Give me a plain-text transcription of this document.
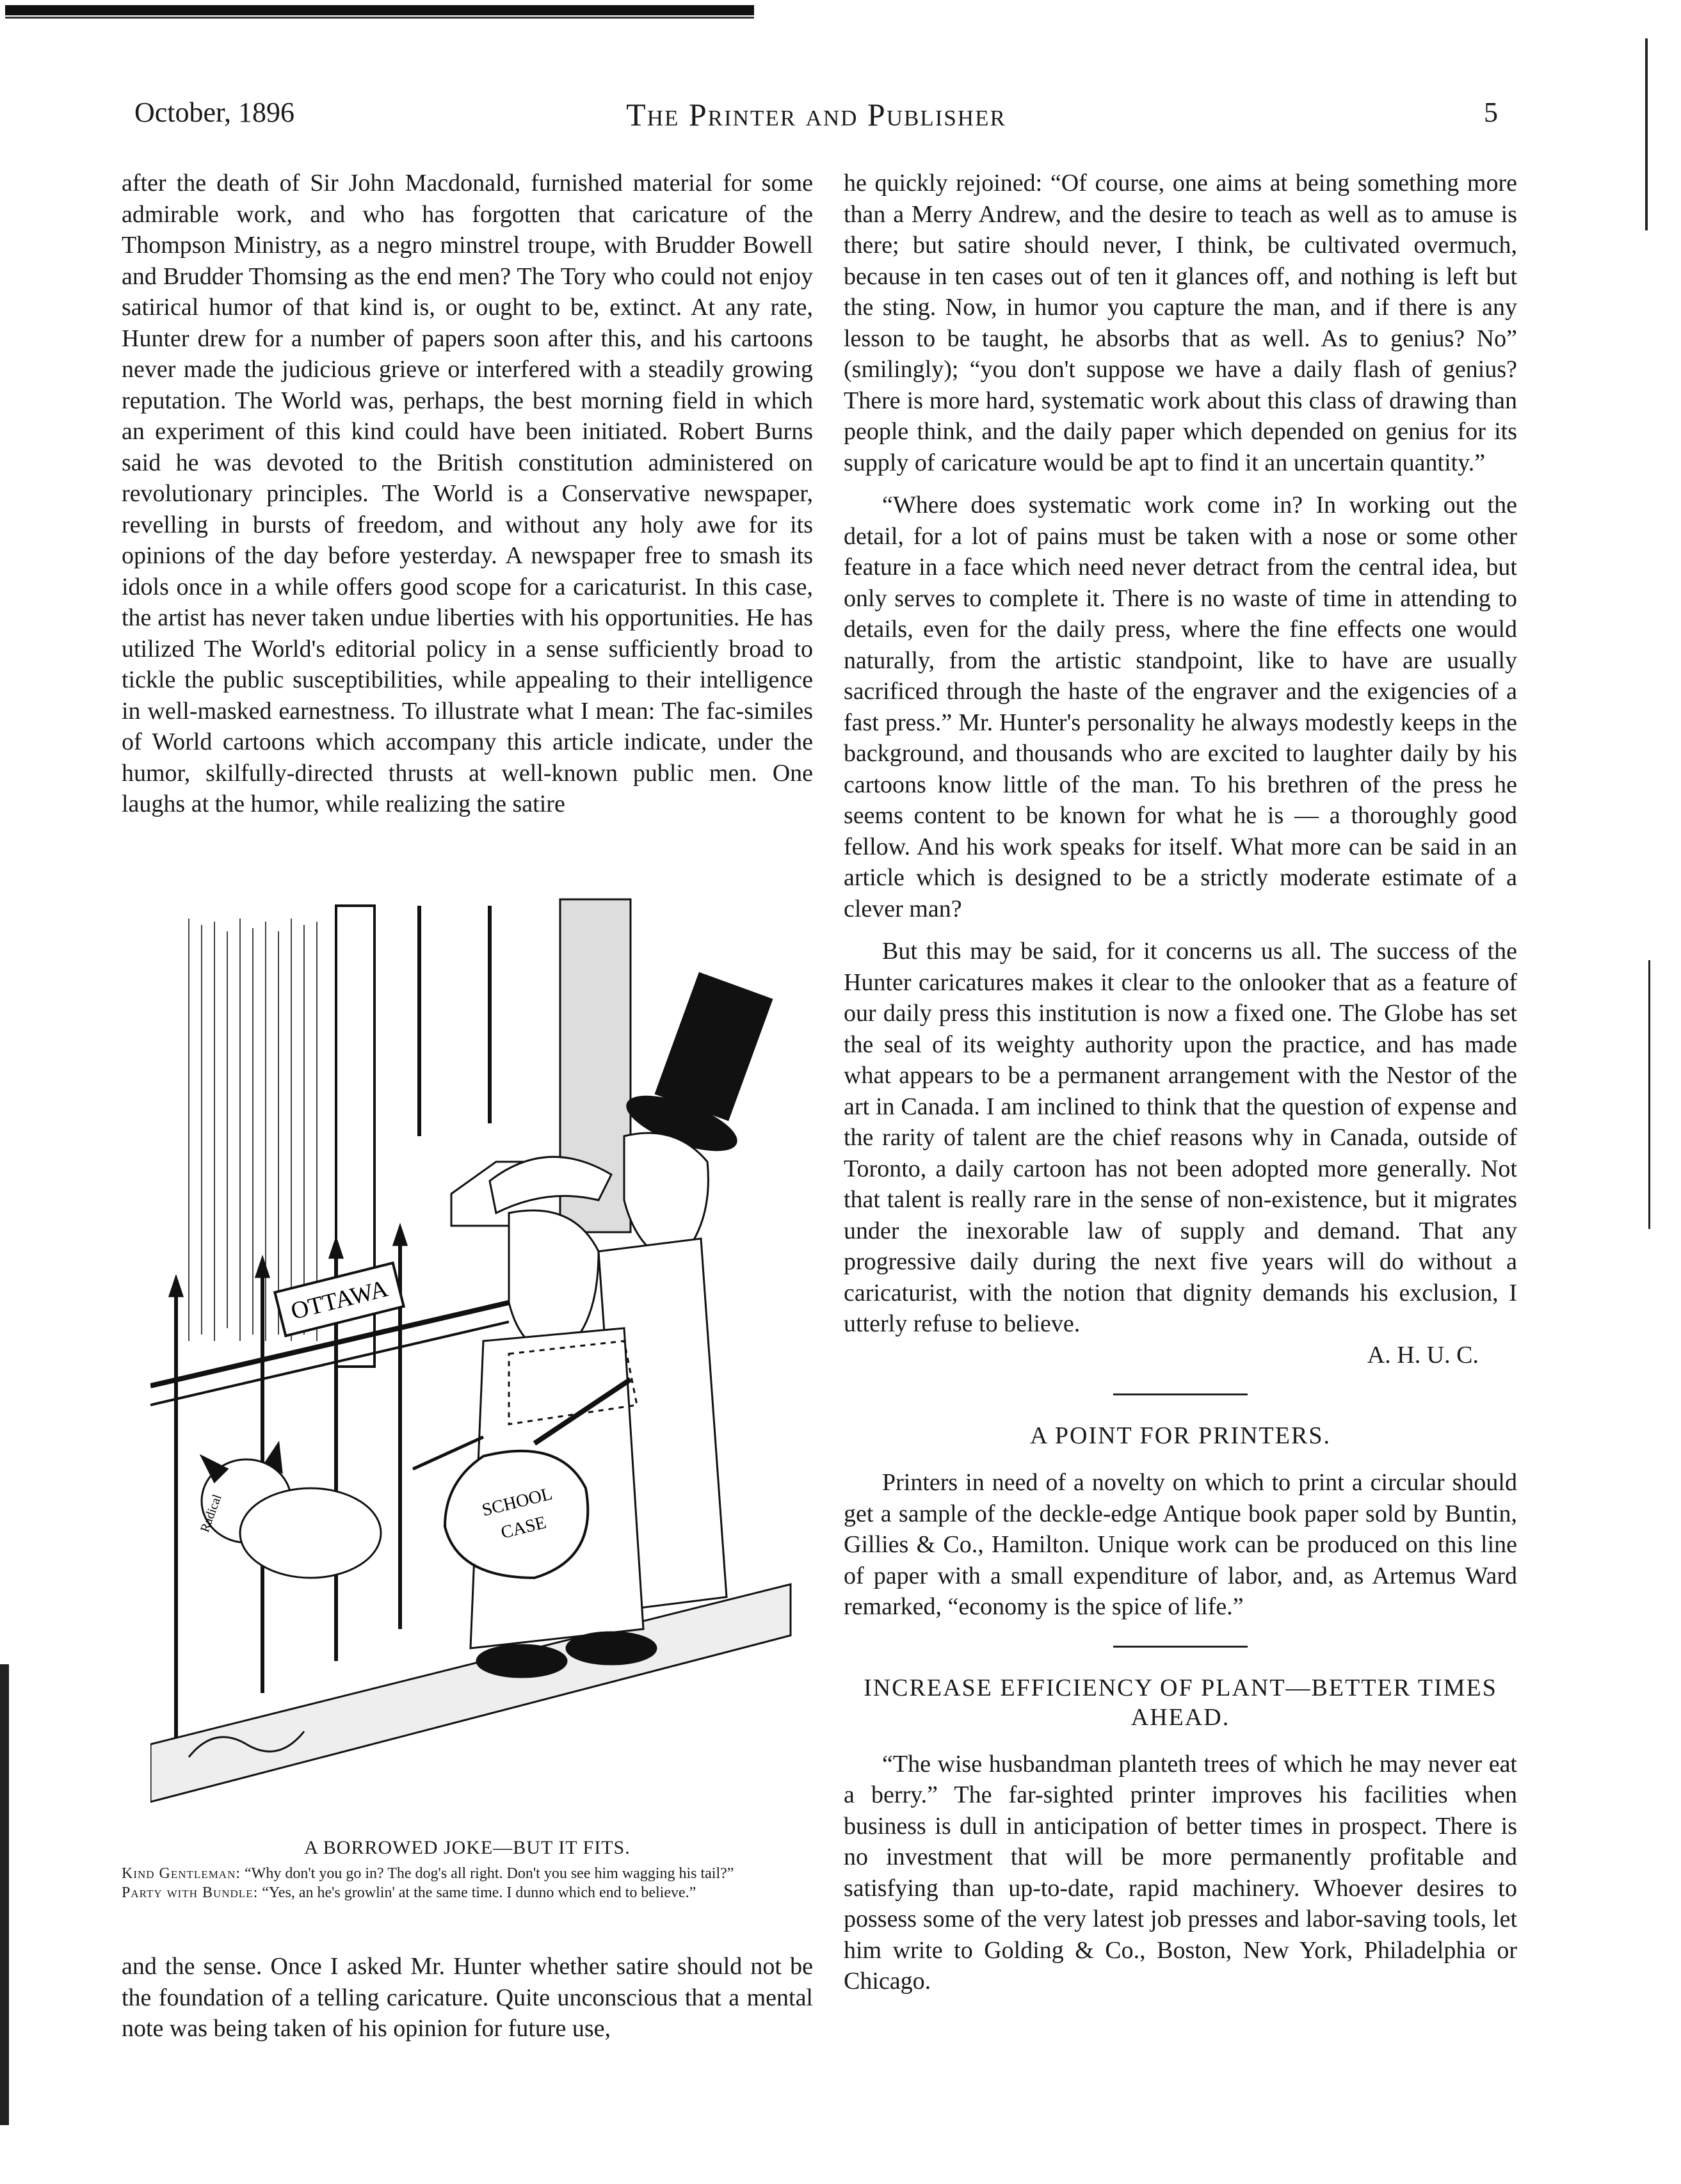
October, 1896	The Printer and Publisher	5

after the death of Sir John Macdonald, furnished material for some admirable work, and who has forgotten that caricature of the Thompson Ministry, as a negro minstrel troupe, with Brudder Bowell and Brudder Thomsing as the end men? The Tory who could not enjoy satirical humor of that kind is, or ought to be, extinct. At any rate, Hunter drew for a number of papers soon after this, and his cartoons never made the judicious grieve or interfered with a steadily growing reputation. The World was, perhaps, the best morning field in which an experiment of this kind could have been initiated. Robert Burns said he was devoted to the British constitution administered on revolutionary principles. The World is a Conservative newspaper, revelling in bursts of freedom, and without any holy awe for its opinions of the day before yesterday. A newspaper free to smash its idols once in a while offers good scope for a caricaturist. In this case, the artist has never taken undue liberties with his opportunities. He has utilized The World's editorial policy in a sense sufficiently broad to tickle the public susceptibilities, while appealing to their intelligence in well-masked earnestness. To illustrate what I mean: The fac-similes of World cartoons which accompany this article indicate, under the humor, skilfully-directed thrusts at well-known public men. One laughs at the humor, while realizing the satire

OTTAWA
SCHOOL
CASE
Radical
A BORROWED JOKE—BUT IT FITS.
Kind Gentleman: “Why don't you go in? The dog's all right. Don't you see him wagging his tail?”
Party with Bundle: “Yes, an he's growlin' at the same time. I dunno which end to believe.”

and the sense. Once I asked Mr. Hunter whether satire should not be the foundation of a telling caricature. Quite unconscious that a mental note was being taken of his opinion for future use,

he quickly rejoined: “Of course, one aims at being something more than a Merry Andrew, and the desire to teach as well as to amuse is there; but satire should never, I think, be cultivated overmuch, because in ten cases out of ten it glances off, and nothing is left but the sting. Now, in humor you capture the man, and if there is any lesson to be taught, he absorbs that as well. As to genius? No” (smilingly); “you don't suppose we have a daily flash of genius? There is more hard, systematic work about this class of drawing than people think, and the daily paper which depended on genius for its supply of caricature would be apt to find it an uncertain quantity.”

“Where does systematic work come in? In working out the detail, for a lot of pains must be taken with a nose or some other feature in a face which need never detract from the central idea, but only serves to complete it. There is no waste of time in attending to details, even for the daily press, where the fine effects one would naturally, from the artistic standpoint, like to have are usually sacrificed through the haste of the engraver and the exigencies of a fast press.” Mr. Hunter's personality he always modestly keeps in the background, and thousands who are excited to laughter daily by his cartoons know little of the man. To his brethren of the press he seems content to be known for what he is — a thoroughly good fellow. And his work speaks for itself. What more can be said in an article which is designed to be a strictly moderate estimate of a clever man?

But this may be said, for it concerns us all. The success of the Hunter caricatures makes it clear to the onlooker that as a feature of our daily press this institution is now a fixed one. The Globe has set the seal of its weighty authority upon the practice, and has made what appears to be a permanent arrangement with the Nestor of the art in Canada. I am inclined to think that the question of expense and the rarity of talent are the chief reasons why in Canada, outside of Toronto, a daily cartoon has not been adopted more generally. Not that talent is really rare in the sense of non-existence, but it migrates under the inexorable law of supply and demand. That any progressive daily during the next five years will do without a caricaturist, with the notion that dignity demands his exclusion, I utterly refuse to believe.

A. H. U. C.

A POINT FOR PRINTERS.

Printers in need of a novelty on which to print a circular should get a sample of the deckle-edge Antique book paper sold by Buntin, Gillies & Co., Hamilton. Unique work can be produced on this line of paper with a small expenditure of labor, and, as Artemus Ward remarked, “economy is the spice of life.”

INCREASE EFFICIENCY OF PLANT—BETTER TIMES AHEAD.

“The wise husbandman planteth trees of which he may never eat a berry.” The far-sighted printer improves his facilities when business is dull in anticipation of better times in prospect. There is no investment that will be more permanently profitable and satisfying than up-to-date, rapid machinery. Whoever desires to possess some of the very latest job presses and labor-saving tools, let him write to Golding & Co., Boston, New York, Philadelphia or Chicago.
